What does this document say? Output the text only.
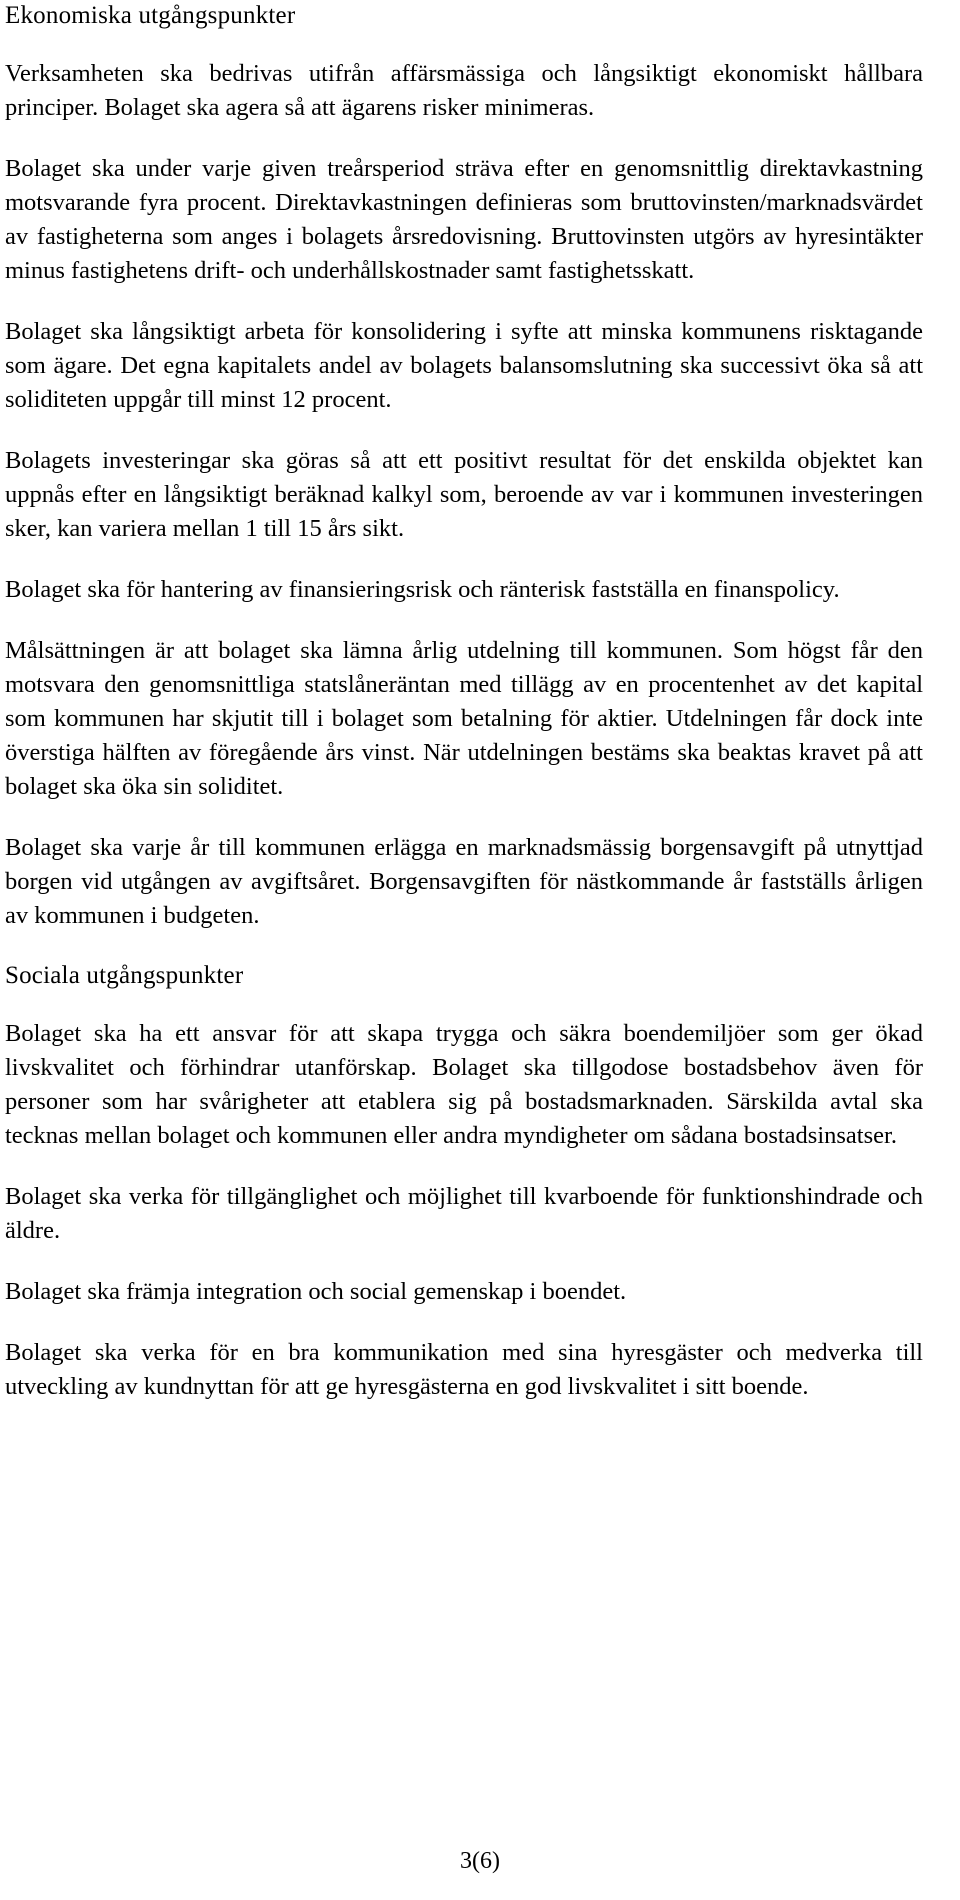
Ekonomiska utgångspunkter

Verksamheten ska bedrivas utifrån affärsmässiga och långsiktigt ekonomiskt hållbara principer. Bolaget ska agera så att ägarens risker minimeras.

Bolaget ska under varje given treårsperiod sträva efter en genomsnittlig direktavkastning motsvarande fyra procent. Direktavkastningen definieras som bruttovinsten/marknadsvärdet av fastigheterna som anges i bolagets årsredovisning. Bruttovinsten utgörs av hyresintäkter minus fastighetens drift- och underhållskostnader samt fastighetsskatt.

Bolaget ska långsiktigt arbeta för konsolidering i syfte att minska kommunens risktagande som ägare. Det egna kapitalets andel av bolagets balansomslutning ska successivt öka så att soliditeten uppgår till minst 12 procent.

Bolagets investeringar ska göras så att ett positivt resultat för det enskilda objektet kan uppnås efter en långsiktigt beräknad kalkyl som, beroende av var i kommunen investeringen sker, kan variera mellan 1 till 15 års sikt.

Bolaget ska för hantering av finansieringsrisk och ränterisk fastställa en finanspolicy.

Målsättningen är att bolaget ska lämna årlig utdelning till kommunen. Som högst får den motsvara den genomsnittliga statslåneräntan med tillägg av en procentenhet av det kapital som kommunen har skjutit till i bolaget som betalning för aktier. Utdelningen får dock inte överstiga hälften av föregående års vinst. När utdelningen bestäms ska beaktas kravet på att bolaget ska öka sin soliditet.

Bolaget ska varje år till kommunen erlägga en marknadsmässig borgensavgift på utnyttjad borgen vid utgången av avgiftsåret. Borgensavgiften för nästkommande år fastställs årligen av kommunen i budgeten.

Sociala utgångspunkter

Bolaget ska ha ett ansvar för att skapa trygga och säkra boendemiljöer som ger ökad livskvalitet och förhindrar utanförskap. Bolaget ska tillgodose bostadsbehov även för personer som har svårigheter att etablera sig på bostadsmarknaden. Särskilda avtal ska tecknas mellan bolaget och kommunen eller andra myndigheter om sådana bostadsinsatser.

Bolaget ska verka för tillgänglighet och möjlighet till kvarboende för funktionshindrade och äldre.

Bolaget ska främja integration och social gemenskap i boendet.

Bolaget ska verka för en bra kommunikation med sina hyresgäster och medverka till utveckling av kundnyttan för att ge hyresgästerna en god livskvalitet i sitt boende.

3(6)
